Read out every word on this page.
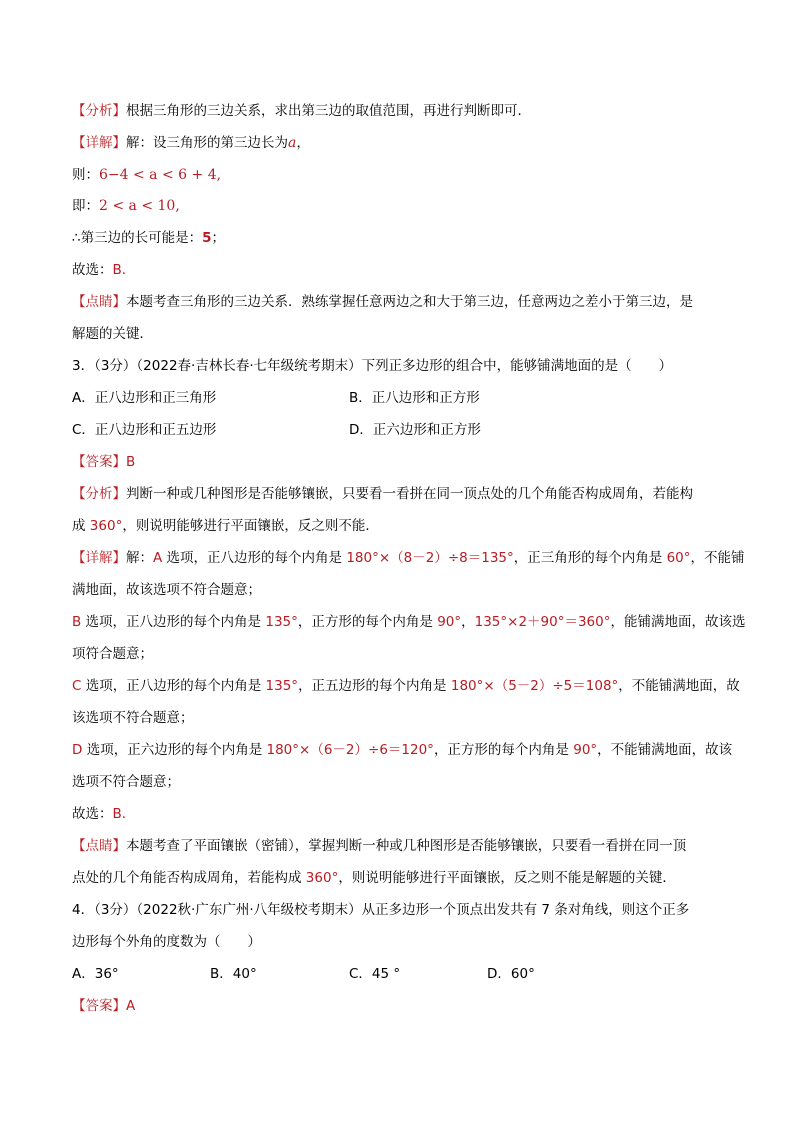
【分析】根据三角形的三边关系，求出第三边的取值范围，再进行判断即可．
【详解】解：设三角形的第三边长为a，
则：6−4 < a < 6 + 4,
即：2 < a < 10,
∴第三边的长可能是：5；
故选：B．
【点睛】本题考查三角形的三边关系．熟练掌握任意两边之和大于第三边，任意两边之差小于第三边，是
解题的关键．
3．（3分）（2022春·吉林长春·七年级统考期末）下列正多边形的组合中，能够铺满地面的是（　　）
A．正八边形和正三角形	B．正八边形和正方形
C．正八边形和正五边形	D．正六边形和正方形
【答案】B
【分析】判断一种或几种图形是否能够镶嵌，只要看一看拼在同一顶点处的几个角能否构成周角，若能构
成 360°，则说明能够进行平面镶嵌，反之则不能．
【详解】解：A 选项，正八边形的每个内角是 180°×（8－2）÷8＝135°，正三角形的每个内角是 60°，不能铺
满地面，故该选项不符合题意；
B 选项，正八边形的每个内角是 135°，正方形的每个内角是 90°，135°×2＋90°＝360°，能铺满地面，故该选
项符合题意；
C 选项，正八边形的每个内角是 135°，正五边形的每个内角是 180°×（5－2）÷5＝108°，不能铺满地面，故
该选项不符合题意；
D 选项，正六边形的每个内角是 180°×（6－2）÷6＝120°，正方形的每个内角是 90°，不能铺满地面，故该
选项不符合题意；
故选：B．
【点睛】本题考查了平面镶嵌（密铺），掌握判断一种或几种图形是否能够镶嵌，只要看一看拼在同一顶
点处的几个角能否构成周角，若能构成 360°，则说明能够进行平面镶嵌，反之则不能是解题的关键．
4．（3分）（2022秋·广东广州·八年级校考期末）从正多边形一个顶点出发共有 7 条对角线，则这个正多
边形每个外角的度数为（　　）
A．36°	B．40°	C．45 °	D．60°
【答案】A
